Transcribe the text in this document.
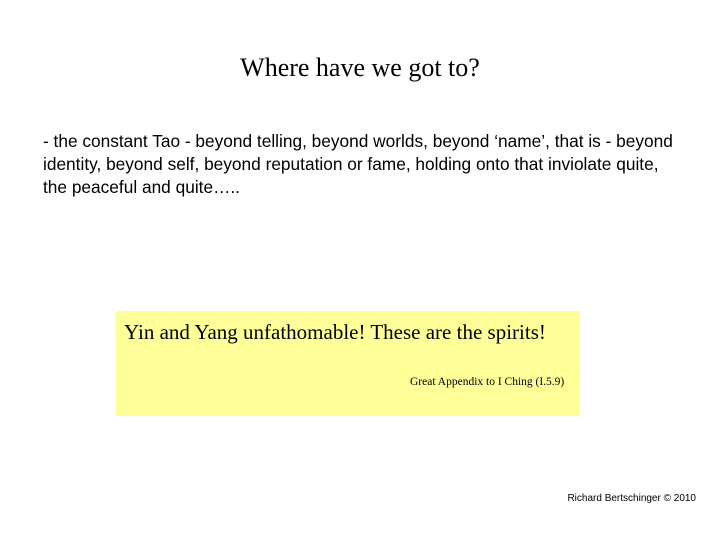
Where have we got to?

- the constant Tao - beyond telling, beyond worlds, beyond ‘name’, that is - beyond identity, beyond self, beyond reputation or fame, holding onto that inviolate quite, the peaceful and quite…..

Yin and Yang unfathomable! These are the spirits!

Great Appendix to I Ching (I.5.9)

Richard Bertschinger © 2010
